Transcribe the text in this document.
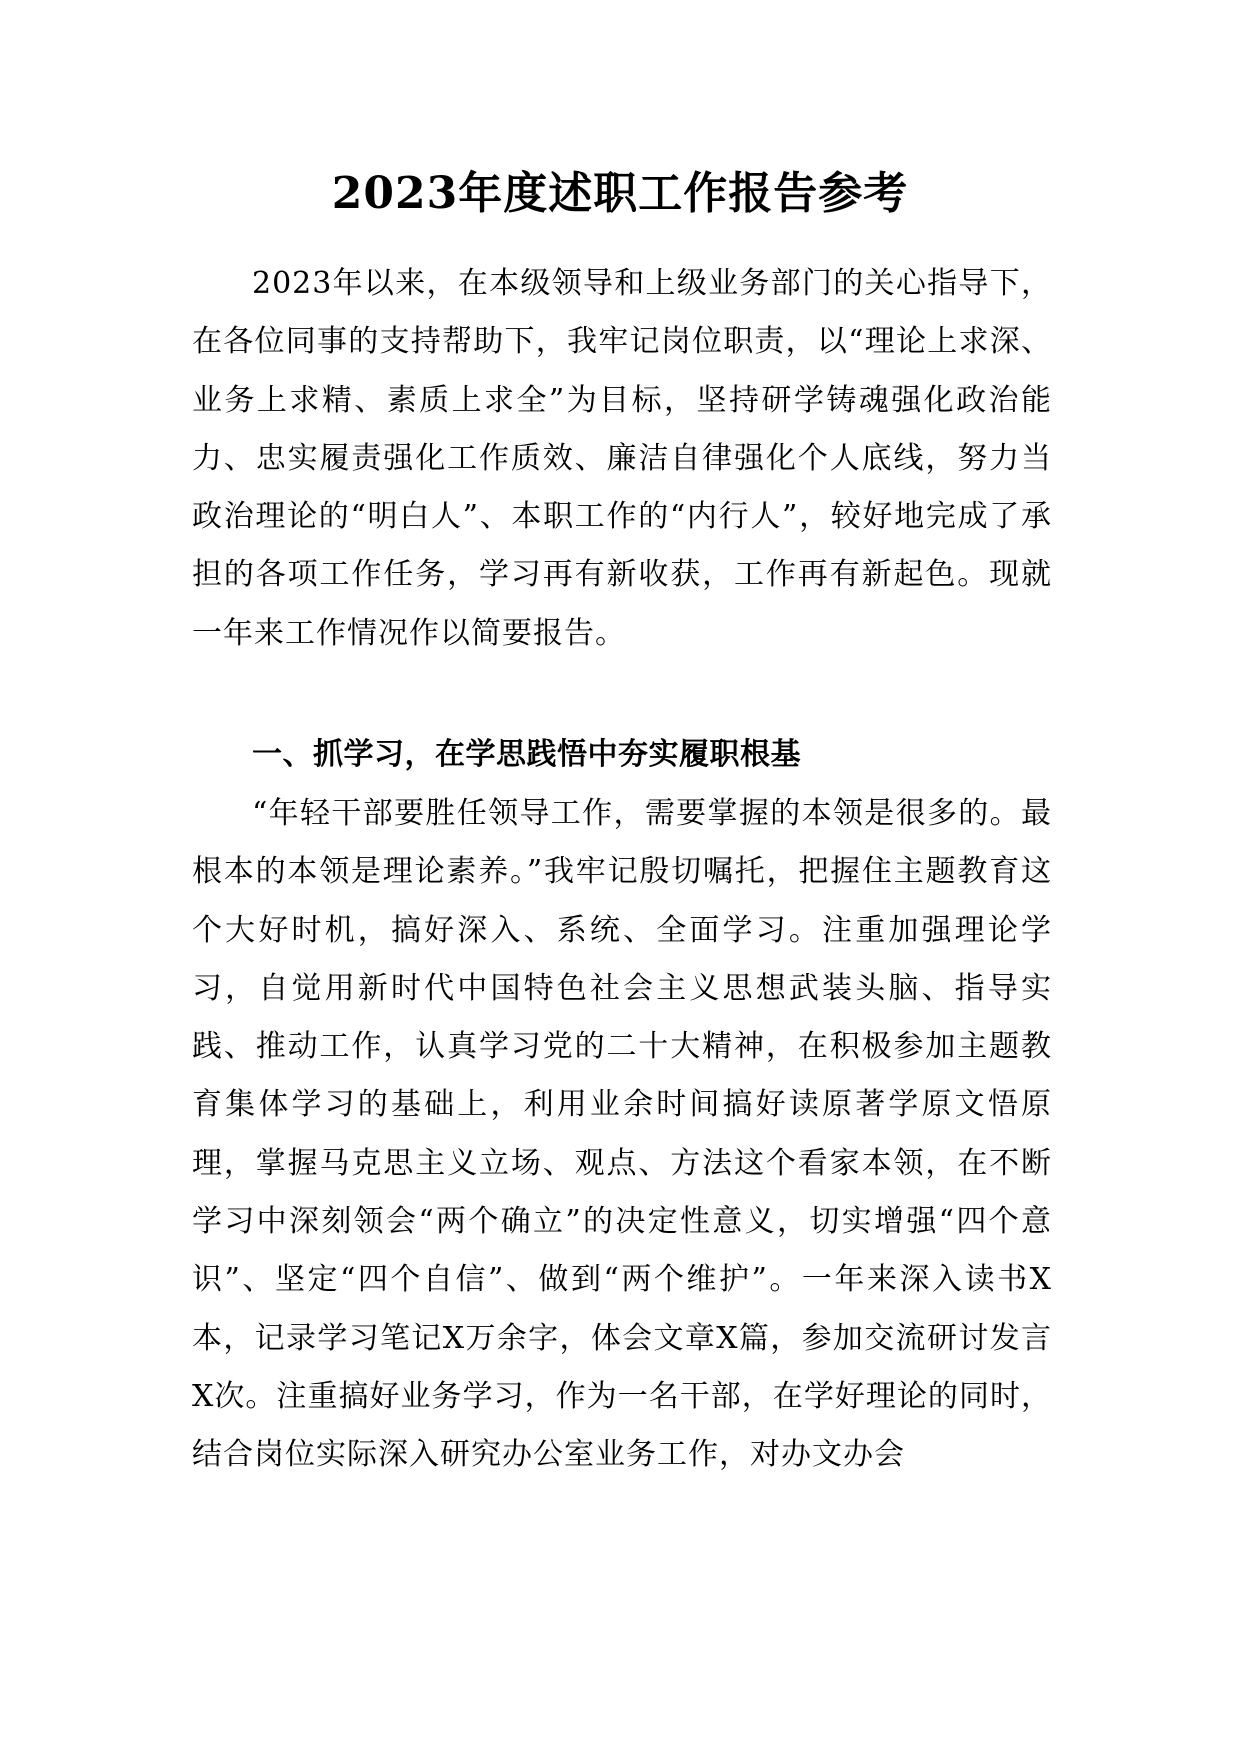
2023年度述职工作报告参考

2023年以来，在本级领导和上级业务部门的关心指导下，在各位同事的支持帮助下，我牢记岗位职责，以“理论上求深、业务上求精、素质上求全”为目标，坚持研学铸魂强化政治能力、忠实履责强化工作质效、廉洁自律强化个人底线，努力当政治理论的“明白人”、本职工作的“内行人”，较好地完成了承担的各项工作任务，学习再有新收获，工作再有新起色。现就一年来工作情况作以简要报告。

一、抓学习，在学思践悟中夯实履职根基

“年轻干部要胜任领导工作，需要掌握的本领是很多的。最根本的本领是理论素养。”我牢记殷切嘱托，把握住主题教育这个大好时机，搞好深入、系统、全面学习。注重加强理论学习，自觉用新时代中国特色社会主义思想武装头脑、指导实践、推动工作，认真学习党的二十大精神，在积极参加主题教育集体学习的基础上，利用业余时间搞好读原著学原文悟原理，掌握马克思主义立场、观点、方法这个看家本领，在不断学习中深刻领会“两个确立”的决定性意义，切实增强“四个意识”、坚定“四个自信”、做到“两个维护”。一年来深入读书X本，记录学习笔记X万余字，体会文章X篇，参加交流研讨发言X次。注重搞好业务学习，作为一名干部，在学好理论的同时，结合岗位实际深入研究办公室业务工作，对办文办会
